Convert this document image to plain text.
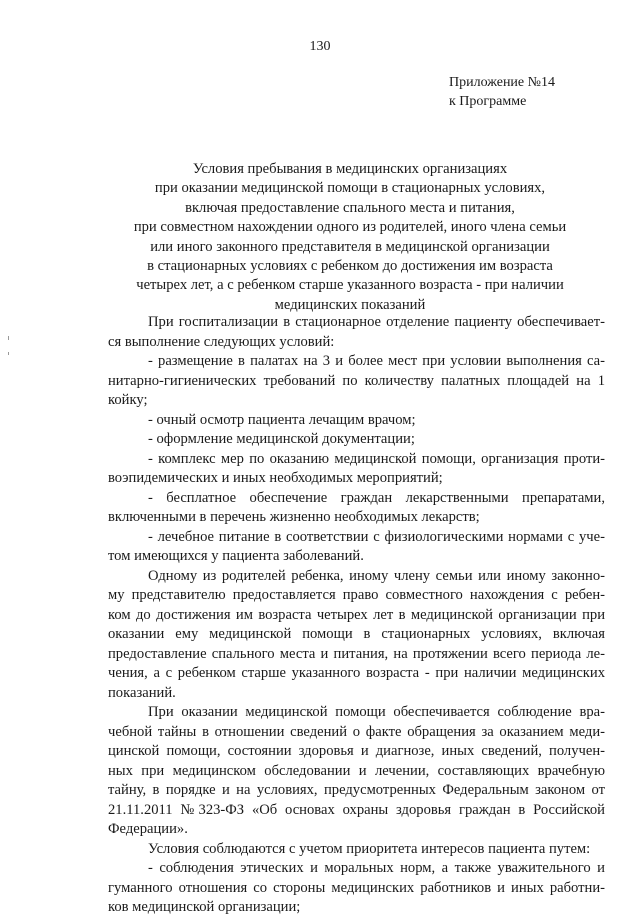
130
Приложение №14
к Программе
Условия пребывания в медицинских организациях
при оказании медицинской помощи в стационарных условиях,
включая предоставление спального места и питания,
при совместном нахождении одного из родителей, иного члена семьи
или иного законного представителя в медицинской организации
в стационарных условиях с ребенком до достижения им возраста
четырех лет, а с ребенком старше указанного возраста - при наличии
медицинских показаний
При госпитализации в стационарное отделение пациенту обеспечивает-
ся выполнение следующих условий:
- размещение в палатах на 3 и более мест при условии выполнения са-
нитарно-гигиенических требований по количеству палатных площадей на 1
койку;
- очный осмотр пациента лечащим врачом;
- оформление медицинской документации;
- комплекс мер по оказанию медицинской помощи, организация проти-
воэпидемических и иных необходимых мероприятий;
- бесплатное обеспечение граждан лекарственными препаратами,
включенными в перечень жизненно необходимых лекарств;
- лечебное питание в соответствии с физиологическими нормами с уче-
том имеющихся у пациента заболеваний.
Одному из родителей ребенка, иному члену семьи или иному законно-
му представителю предоставляется право совместного нахождения с ребен-
ком до достижения им возраста четырех лет в медицинской организации при
оказании ему медицинской помощи в стационарных условиях, включая
предоставление спального места и питания, на протяжении всего периода ле-
чения, а с ребенком старше указанного возраста - при наличии медицинских
показаний.
При оказании медицинской помощи обеспечивается соблюдение вра-
чебной тайны в отношении сведений о факте обращения за оказанием меди-
цинской помощи, состоянии здоровья и диагнозе, иных сведений, получен-
ных при медицинском обследовании и лечении, составляющих врачебную
тайну, в порядке и на условиях, предусмотренных Федеральным законом от
21.11.2011 №323-ФЗ «Об основах охраны здоровья граждан в Российской
Федерации».
Условия соблюдаются с учетом приоритета интересов пациента путем:
- соблюдения этических и моральных норм, а также уважительного и
гуманного отношения со стороны медицинских работников и иных работни-
ков медицинской организации;
